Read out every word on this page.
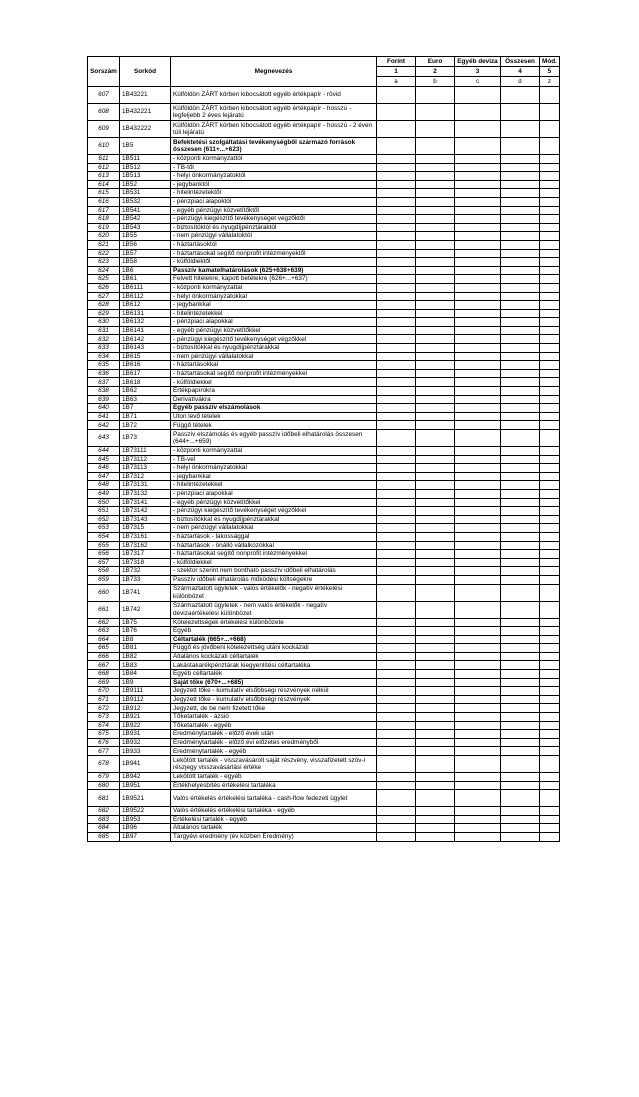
Sorszám	Sorkód	Megnevezés	Forint	Euro	Egyéb deviza	Összesen	Mód.
			1	2	3	4	5
			a	b	c	d	z
607	1B43221	Külföldön ZÁRT körben kibocsátott egyéb értékpapír - rövid					
608	1B432221	Külföldön ZÁRT körben kibocsátott egyéb értékpapír - hosszú - legfeljebb 2 éves lejáratú					
609	1B432222	Külföldön ZÁRT körben kibocsátott egyéb értékpapír - hosszú - 2 éven túli lejáratú					
610	1B5	Befektetési szolgáltatási tevékenységből származó források összesen (611+...+623)					
611	1B511	- központi kormányzattól					
612	1B512	- TB-től					
613	1B513	- helyi önkormányzatoktól					
614	1B52	- jegybanktól					
615	1B531	- hitelintézetektől					
616	1B532	- pénzpiaci alapoktól					
617	1B541	- egyéb pénzügyi közvetítőktől					
618	1B542	- pénzügyi kiegészítő tevékenységet végzőktől					
619	1B543	- biztosítóktól és nyugdíjpénztáraktól					
620	1B55	- nem pénzügyi vállalatoktól					
621	1B56	- háztartásoktól					
622	1B57	- háztartásokat segítő nonprofit intézményektől					
623	1B58	- külföldiektől					
624	1B6	Passzív kamatelhatárolások (625+638+639)					
625	1B61	Felvett hitelekre, kapott betétekre (626+...+637)					
626	1B6111	- központi kormányzattal					
627	1B6112	- helyi önkormányzatokkal					
628	1B612	- jegybankkal					
629	1B6131	- hitelintézetekkel					
630	1B6132	- pénzpiaci alapokkal					
631	1B6141	- egyéb pénzügyi közvetítőkkel					
632	1B6142	- pénzügyi kiegészítő tevékenységet végzőkkel					
633	1B6143	- biztosítókkal és nyugdíjpénztárakkal					
634	1B615	- nem pénzügyi vállalatokkal					
635	1B616	- háztartásokkal					
636	1B617	- háztartásokat segítő nonprofit intézményekkel					
637	1B618	- külföldiekkel					
638	1B62	Értékpapírokra					
639	1B63	Derivatívákra					
640	1B7	Egyéb passzív elszámolások					
641	1B71	Úton levő tételek					
642	1B72	Függő tételek					
643	1B73	Passzív elszámolás és egyéb passzív időbeli elhatárolás összesen (644+...+659)					
644	1B73111	- központi kormányzattal					
645	1B73112	- TB-vel					
646	1B73113	- helyi önkormányzatokkal					
647	1B7312	- jegybankkal					
648	1B73131	- hitelintézetekkel					
649	1B73132	- pénzpiaci alapokkal					
650	1B73141	- egyéb pénzügyi közvetítőkkel					
651	1B73142	- pénzügyi kiegészítő tevékenységet végzőkkel					
652	1B73143	- biztosítókkal és nyugdíjpénztárakkal					
653	1B7315	- nem pénzügyi vállalatokkal					
654	1B73161	- háztartások - lakossággal					
655	1B73162	- háztartások - önálló vállalkozókkal					
656	1B7317	- háztartásokat segítő nonprofit intézményekkel					
657	1B7318	- külföldiekkel					
658	1B732	- szektor szerint nem bontható passzív időbeli elhatárolás					
659	1B733	Passzív időbeli elhatárolás működési költségekre					
660	1B741	Származtatott ügyletek - valós értékelők - negatív értékelési különbözet					
661	1B742	Származtatott ügyletek - nem valós értékelők - negatív devizaértékelési különbözet					
662	1B75	Kötelezettségek értékelési különbözete					
663	1B76	Egyéb					
664	1B8	Céltartalék (665+...+668)					
665	1B81	Függő és jövőbeni kötelezettség utáni kockázati					
666	1B82	Általános kockázati céltartalék					
667	1B83	Lakástakarékpénztárak kiegyenlítési céltartaléka					
668	1B84	Egyéb céltartalék					
669	1B9	Saját tőke (670+...+685)					
670	1B9111	Jegyzett tőke - kumulatív elsőbbségi részvények nélkül					
671	1B9112	Jegyzett tőke - kumulatív elsőbbségi részvények					
672	1B912	Jegyzett, de be nem fizetett tőke					
673	1B921	Tőketartalék - ázsió					
674	1B922	Tőketartalék - egyéb					
675	1B931	Eredménytartalék - előző évek után					
676	1B932	Eredménytartalék - előző évi előzetes eredményből					
677	1B933	Eredménytartalék - egyéb					
678	1B941	Lekötött tartalék - visszavásárolt saját részvény, visszafizetett szöv-i részjegy visszavásárlási értéke					
679	1B942	Lekötött tartalék - egyéb					
680	1B951	Értékhelyesbítés értékelési tartaléka					
681	1B9521	Valós értékelés értékelési tartaléka - cash-flow fedezeti ügylet					
682	1B9522	Valós értékelés értékelési tartaléka - egyéb					
683	1B953	Értékelési tartalék - egyéb					
684	1B96	Általános tartalék					
685	1B97	Tárgyévi eredmény (év közben Eredmény)					
